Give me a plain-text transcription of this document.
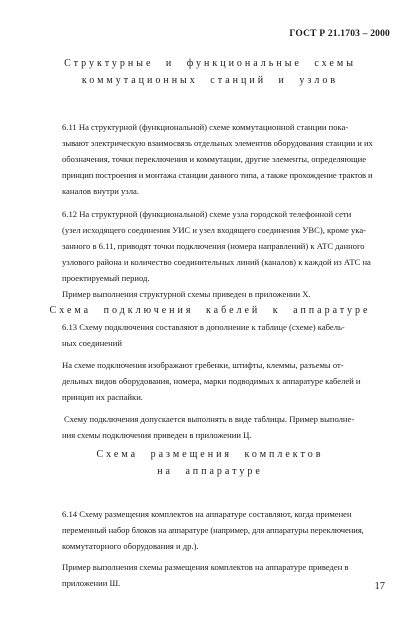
ГОСТ Р 21.1703 – 2000
Структурные и функциональные схемы
коммутационных станций и узлов
6.11 На структурной (функциональной) схеме коммутационной станции пока-
зывают электрическую взаимосвязь отдельных элементов оборудования станции и их
обозначения, точки переключения и коммутации, другие элементы, определяющие
принцип построения и монтажа станции данного типа, а также прохождение трактов и
каналов внутри узла.
6.12 На структурной (функциональной) схеме узла городской телефонной сети
(узел исходящего соединения УИС и узел входящего соединения УВС), кроме ука-
занного в 6.11, приводят точки подключения (номера направлений) к АТС данного
узлового района и количество соединительных линий (каналов) к каждой из АТС на
проектируемый период.
Пример выполнения структурной схемы приведен в приложении Х.
Схема подключения кабелей к аппаратуре
6.13 Схему подключения составляют в дополнение к таблице (схеме) кабель-
ных соединений
На схеме подключения изображают гребенки, штифты, клеммы, разъемы от-
дельных видов оборудования, номера, марки подводимых к аппаратуре кабелей и
принцип их распайки.
Схему подключения допускается выполнять в виде таблицы. Пример выполне-
ния схемы подключения приведен в приложении Ц.
Схема размещения комплектов
на аппаратуре
6.14 Схему размещения комплектов на аппаратуре составляют, когда применен
переменный набор блоков на аппаратуре (например, для аппаратуры переключения,
коммутаторного оборудования и др.).
Пример выполнения схемы размещения комплектов на аппаратуре приведен в
приложении Ш.	17
